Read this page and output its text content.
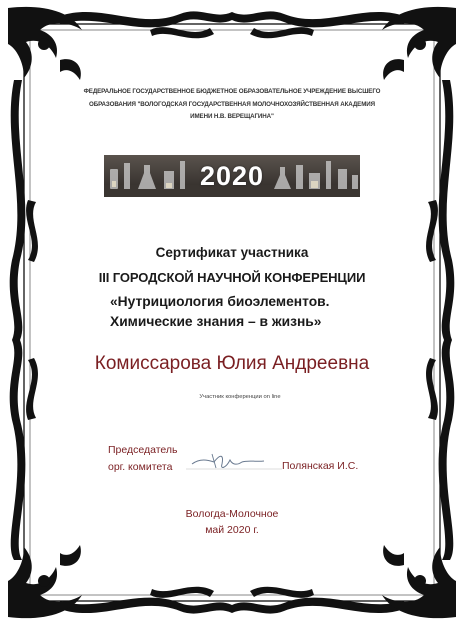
ФЕДЕРАЛЬНОЕ ГОСУДАРСТВЕННОЕ БЮДЖЕТНОЕ ОБРАЗОВАТЕЛЬНОЕ УЧРЕЖДЕНИЕ ВЫСШЕГО
ОБРАЗОВАНИЯ "ВОЛОГОДСКАЯ ГОСУДАРСТВЕННАЯ МОЛОЧНОХОЗЯЙСТВЕННАЯ АКАДЕМИЯ
ИМЕНИ Н.В. ВЕРЕЩАГИНА"
2020
Сертификат участника
III ГОРОДСКОЙ НАУЧНОЙ КОНФЕРЕНЦИИ
«Нутрициология биоэлементов.
Химические знания – в жизнь»
Комиссарова Юлия Андреевна
Участник конференции on line
Председатель
орг. комитета	Полянская И.С.
Вологда-Молочное
май 2020 г.
